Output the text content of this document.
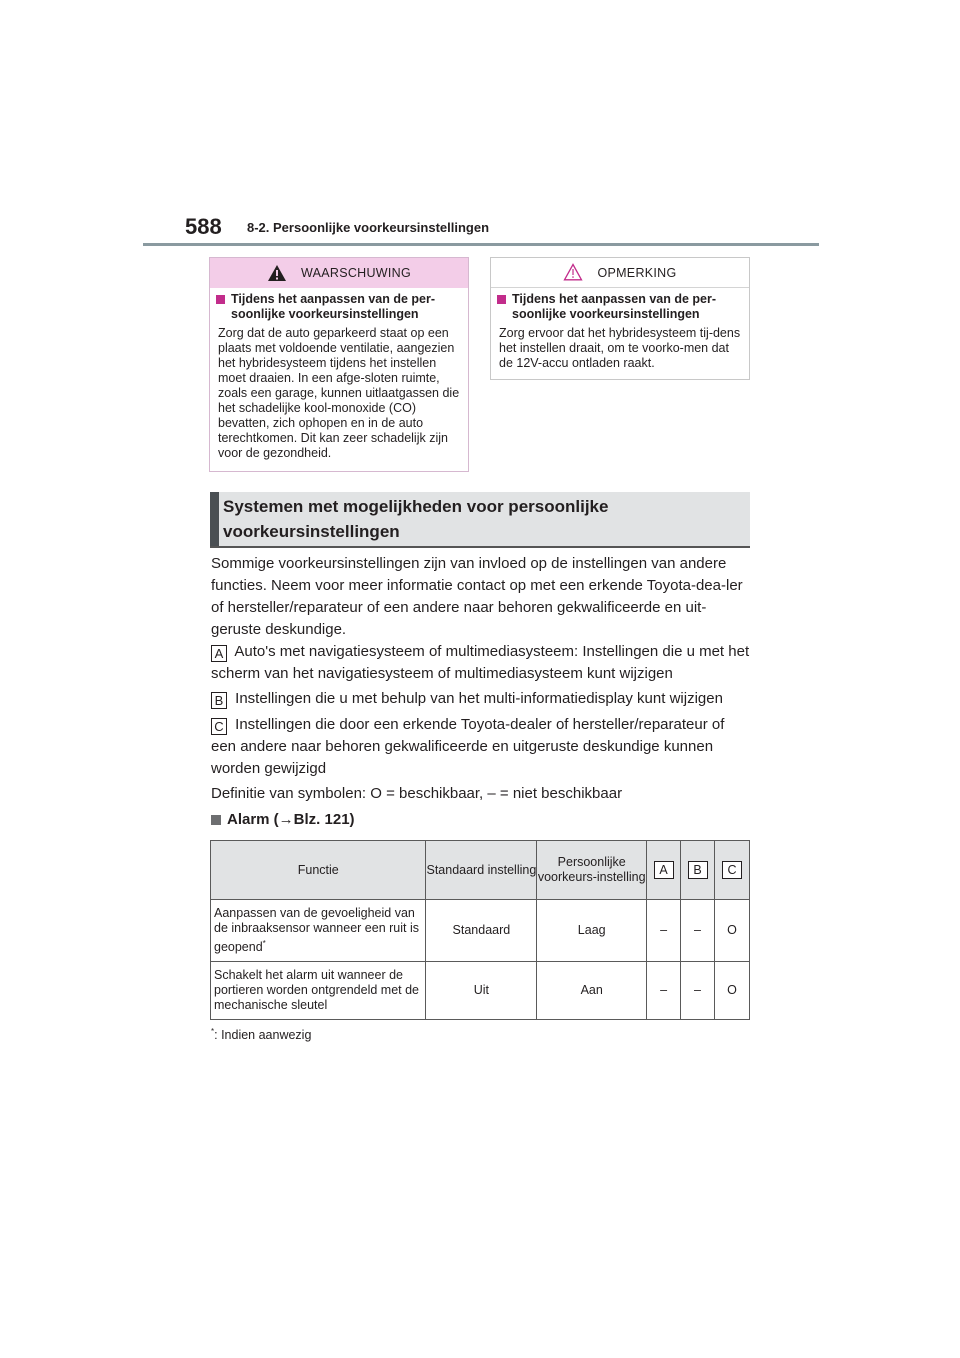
588 8-2. Persoonlijke voorkeursinstellingen
WAARSCHUWING
Tijdens het aanpassen van de per-soonlijke voorkeursinstellingen
Zorg dat de auto geparkeerd staat op een plaats met voldoende ventilatie, aangezien het hybridesysteem tijdens het instellen moet draaien. In een afge-sloten ruimte, zoals een garage, kunnen uitlaatgassen die het schadelijke kool-monoxide (CO) bevatten, zich ophopen en in de auto terechtkomen. Dit kan zeer schadelijk zijn voor de gezondheid.
OPMERKING
Tijdens het aanpassen van de per-soonlijke voorkeursinstellingen
Zorg ervoor dat het hybridesysteem tij-dens het instellen draait, om te voorko-men dat de 12V-accu ontladen raakt.
Systemen met mogelijkheden voor persoonlijke voorkeursinstellingen

Sommige voorkeursinstellingen zijn van invloed op de instellingen van andere functies. Neem voor meer informatie contact op met een erkende Toyota-dea-ler of hersteller/reparateur of een andere naar behoren gekwalificeerde en uit-geruste deskundige.

A Auto's met navigatiesysteem of multimediasysteem: Instellingen die u met het scherm van het navigatiesysteem of multimediasysteem kunt wijzigen

B Instellingen die u met behulp van het multi-informatiedisplay kunt wijzigen

C Instellingen die door een erkende Toyota-dealer of hersteller/reparateur of een andere naar behoren gekwalificeerde en uitgeruste deskundige kunnen worden gewijzigd

Definitie van symbolen: O = beschikbaar, – = niet beschikbaar

Alarm (→Blz. 121)
Functie	Standaard instelling	Persoonlijke voorkeurs-instelling	A	B	C
Aanpassen van de gevoeligheid van de inbraaksensor wanneer een ruit is geopend*	Standaard	Laag	–	–	O
Schakelt het alarm uit wanneer de portieren worden ontgrendeld met de mechanische sleutel	Uit	Aan	–	–	O
*: Indien aanwezig
